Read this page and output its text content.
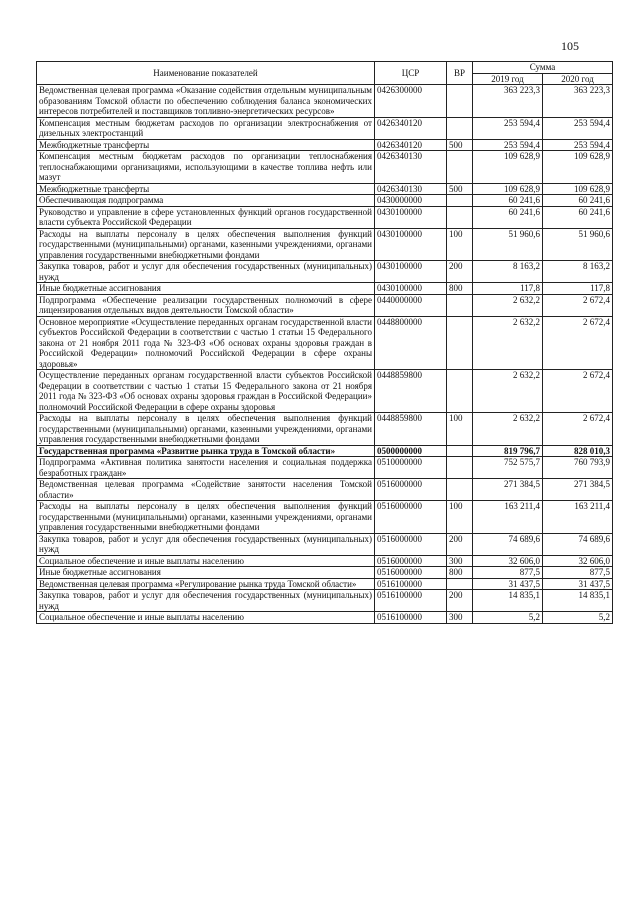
105
Наименование показателей	ЦСР	ВР	Сумма	
			2019 год	2020 год
Ведомственная целевая программа «Оказание содействия отдельным муниципальным образованиям Томской области по обеспечению соблюдения баланса экономических интересов потребителей и поставщиков топливно-энергетических ресурсов»	0426300000		363 223,3	363 223,3
Компенсация местным бюджетам расходов по организации электроснабжения от дизельных электростанций	0426340120		253 594,4	253 594,4
Межбюджетные трансферты	0426340120	500	253 594,4	253 594,4
Компенсация местным бюджетам расходов по организации теплоснабжения теплоснабжающими организациями, использующими в качестве топлива нефть или мазут	0426340130		109 628,9	109 628,9
Межбюджетные трансферты	0426340130	500	109 628,9	109 628,9
Обеспечивающая подпрограмма	0430000000		60 241,6	60 241,6
Руководство и управление в сфере установленных функций органов государственной власти субъекта Российской Федерации	0430100000		60 241,6	60 241,6
Расходы на выплаты персоналу в целях обеспечения выполнения функций государственными (муниципальными) органами, казенными учреждениями, органами управления государственными внебюджетными фондами	0430100000	100	51 960,6	51 960,6
Закупка товаров, работ и услуг для обеспечения государственных (муниципальных) нужд	0430100000	200	8 163,2	8 163,2
Иные бюджетные ассигнования	0430100000	800	117,8	117,8
Подпрограмма «Обеспечение реализации государственных полномочий в сфере лицензирования отдельных видов деятельности Томской области»	0440000000		2 632,2	2 672,4
Основное мероприятие «Осуществление переданных органам государственной власти субъектов Российской Федерации в соответствии с частью 1 статьи 15 Федерального закона от 21 ноября 2011 года № 323-ФЗ «Об основах охраны здоровья граждан в Российской Федерации» полномочий Российской Федерации в сфере охраны здоровья»	0448800000		2 632,2	2 672,4
Осуществление переданных органам государственной власти субъектов Российской Федерации в соответствии с частью 1 статьи 15 Федерального закона от 21 ноября 2011 года № 323-ФЗ «Об основах охраны здоровья граждан в Российской Федерации» полномочий Российской Федерации в сфере охраны здоровья	0448859800		2 632,2	2 672,4
Расходы на выплаты персоналу в целях обеспечения выполнения функций государственными (муниципальными) органами, казенными учреждениями, органами управления государственными внебюджетными фондами	0448859800	100	2 632,2	2 672,4
Государственная программа «Развитие рынка труда в Томской области»	0500000000		819 796,7	828 010,3
Подпрограмма «Активная политика занятости населения и социальная поддержка безработных граждан»	0510000000		752 575,7	760 793,9
Ведомственная целевая программа «Содействие занятости населения Томской области»	0516000000		271 384,5	271 384,5
Расходы на выплаты персоналу в целях обеспечения выполнения функций государственными (муниципальными) органами, казенными учреждениями, органами управления государственными внебюджетными фондами	0516000000	100	163 211,4	163 211,4
Закупка товаров, работ и услуг для обеспечения государственных (муниципальных) нужд	0516000000	200	74 689,6	74 689,6
Социальное обеспечение и иные выплаты населению	0516000000	300	32 606,0	32 606,0
Иные бюджетные ассигнования	0516000000	800	877,5	877,5
Ведомственная целевая программа «Регулирование рынка труда Томской области»	0516100000		31 437,5	31 437,5
Закупка товаров, работ и услуг для обеспечения государственных (муниципальных) нужд	0516100000	200	14 835,1	14 835,1
Социальное обеспечение и иные выплаты населению	0516100000	300	5,2	5,2
